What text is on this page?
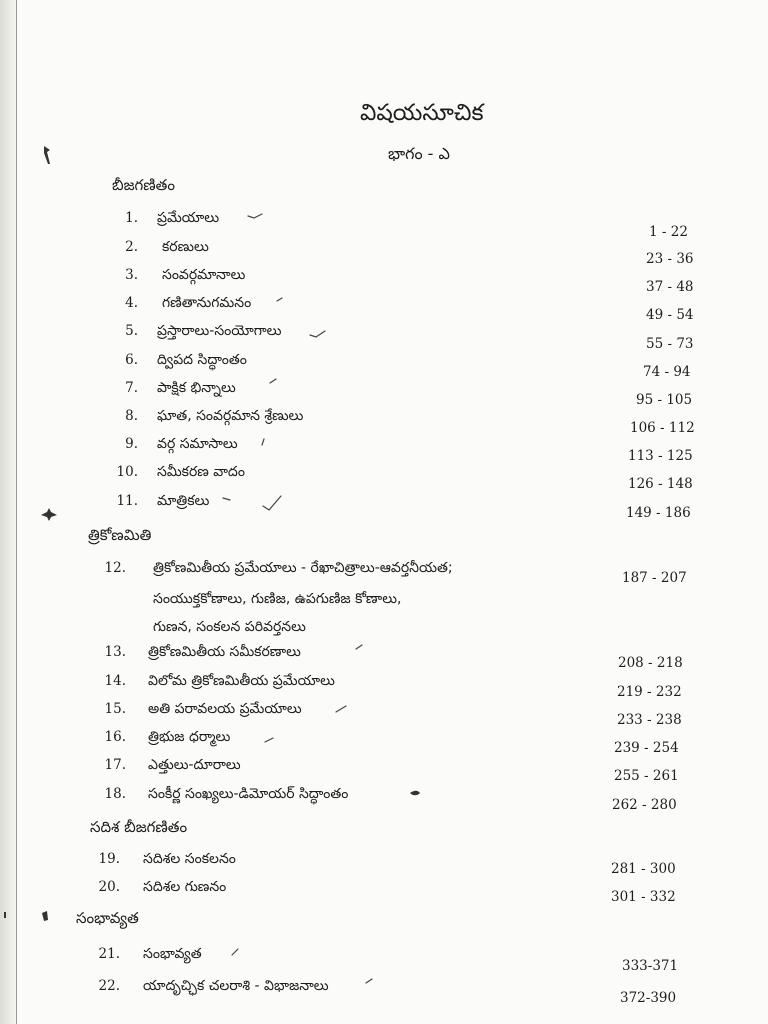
విషయసూచిక
భాగం - ఎ
బీజగణితం
1. ప్రమేయాలు
1 - 22
2. కరణులు
23 - 36
3. సంవర్గమానాలు
37 - 48
4. గణితానుగమనం
49 - 54
5. ప్రస్తారాలు-సంయోగాలు
55 - 73
6. ద్విపద సిద్ధాంతం
74 - 94
7. పాక్షిక భిన్నాలు
95 - 105
8. ఘాత, సంవర్గమాన శ్రేణులు
106 - 112
9. వర్గ సమాసాలు
113 - 125
10. సమీకరణ వాదం
126 - 148
11. మాత్రికలు
149 - 186
త్రికోణమితి
12. త్రికోణమితీయ ప్రమేయాలు - రేఖాచిత్రాలు-ఆవర్తనీయత;
187 - 207
సంయుక్తకోణాలు, గుణిజ, ఉపగుణిజ కోణాలు,
గుణన, సంకలన పరివర్తనలు
13. త్రికోణమితీయ సమీకరణాలు
208 - 218
14. విలోమ త్రికోణమితీయ ప్రమేయాలు
219 - 232
15. అతి పరావలయ ప్రమేయాలు
233 - 238
16. త్రిభుజ ధర్మాలు
239 - 254
17. ఎత్తులు-దూరాలు
255 - 261
18. సంకీర్ణ సంఖ్యలు-డిమోయర్ సిద్ధాంతం
262 - 280
సదిశ బీజగణితం
19. సదిశల సంకలనం
281 - 300
20. సదిశల గుణనం
301 - 332
సంభావ్యత
21. సంభావ్యత
333-371
22. యాదృచ్ఛిక చలరాశి - విభాజనాలు
372-390
